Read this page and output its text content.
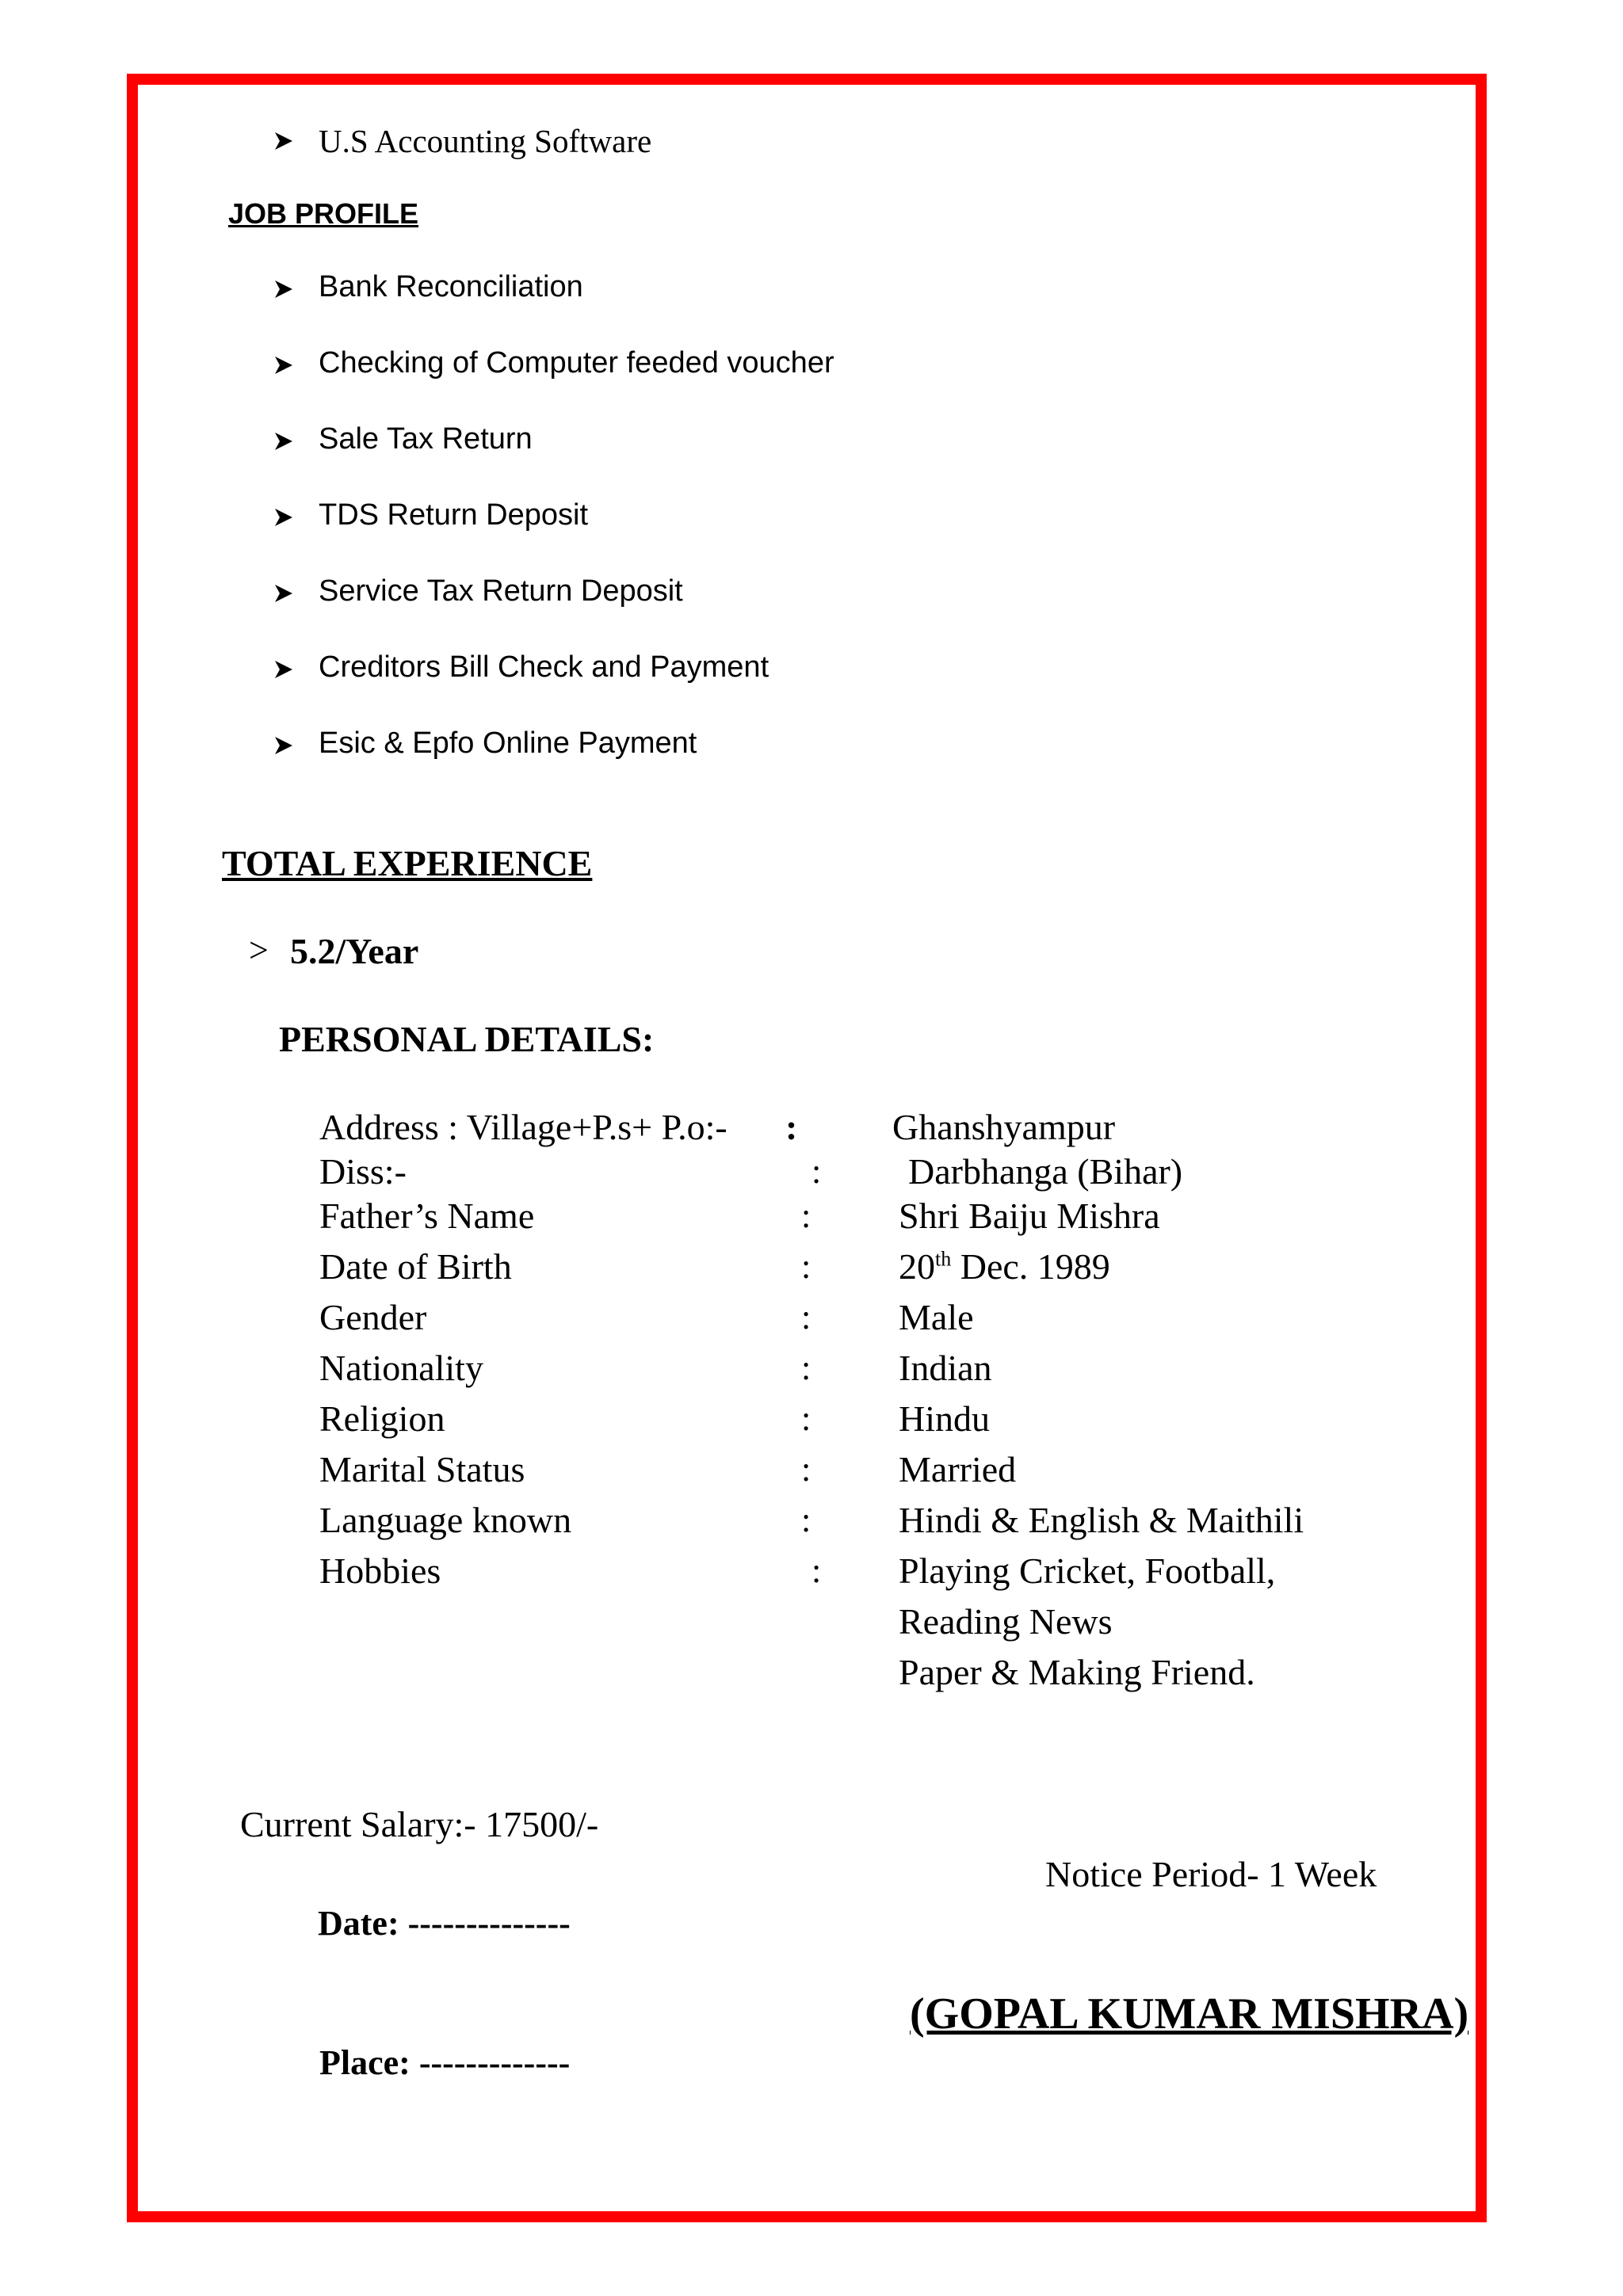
U.S Accounting Software
JOB PROFILE
Bank Reconciliation
Checking of Computer feeded voucher
Sale Tax Return
TDS Return Deposit
Service Tax Return Deposit
Creditors Bill Check and Payment
Esic & Epfo Online Payment
TOTAL EXPERIENCE
> 5.2/Year
PERSONAL DETAILS:
Address : Village+P.s+ P.o:- :	Ghanshyampur
Diss:-	: Darbhanga (Bihar)
Father’s Name	: Shri Baiju Mishra
Date of Birth	: 20th Dec. 1989
Gender	: Male
Nationality	: Indian
Religion	: Hindu
Marital Status	: Married
Language known	: Hindi & English & Maithili
Hobbies	: Playing Cricket, Football,
Reading News
Paper & Making Friend.
Current Salary:- 17500/-
Notice Period- 1 Week
Date: --------------
Place: -------------
(GOPAL KUMAR MISHRA)
